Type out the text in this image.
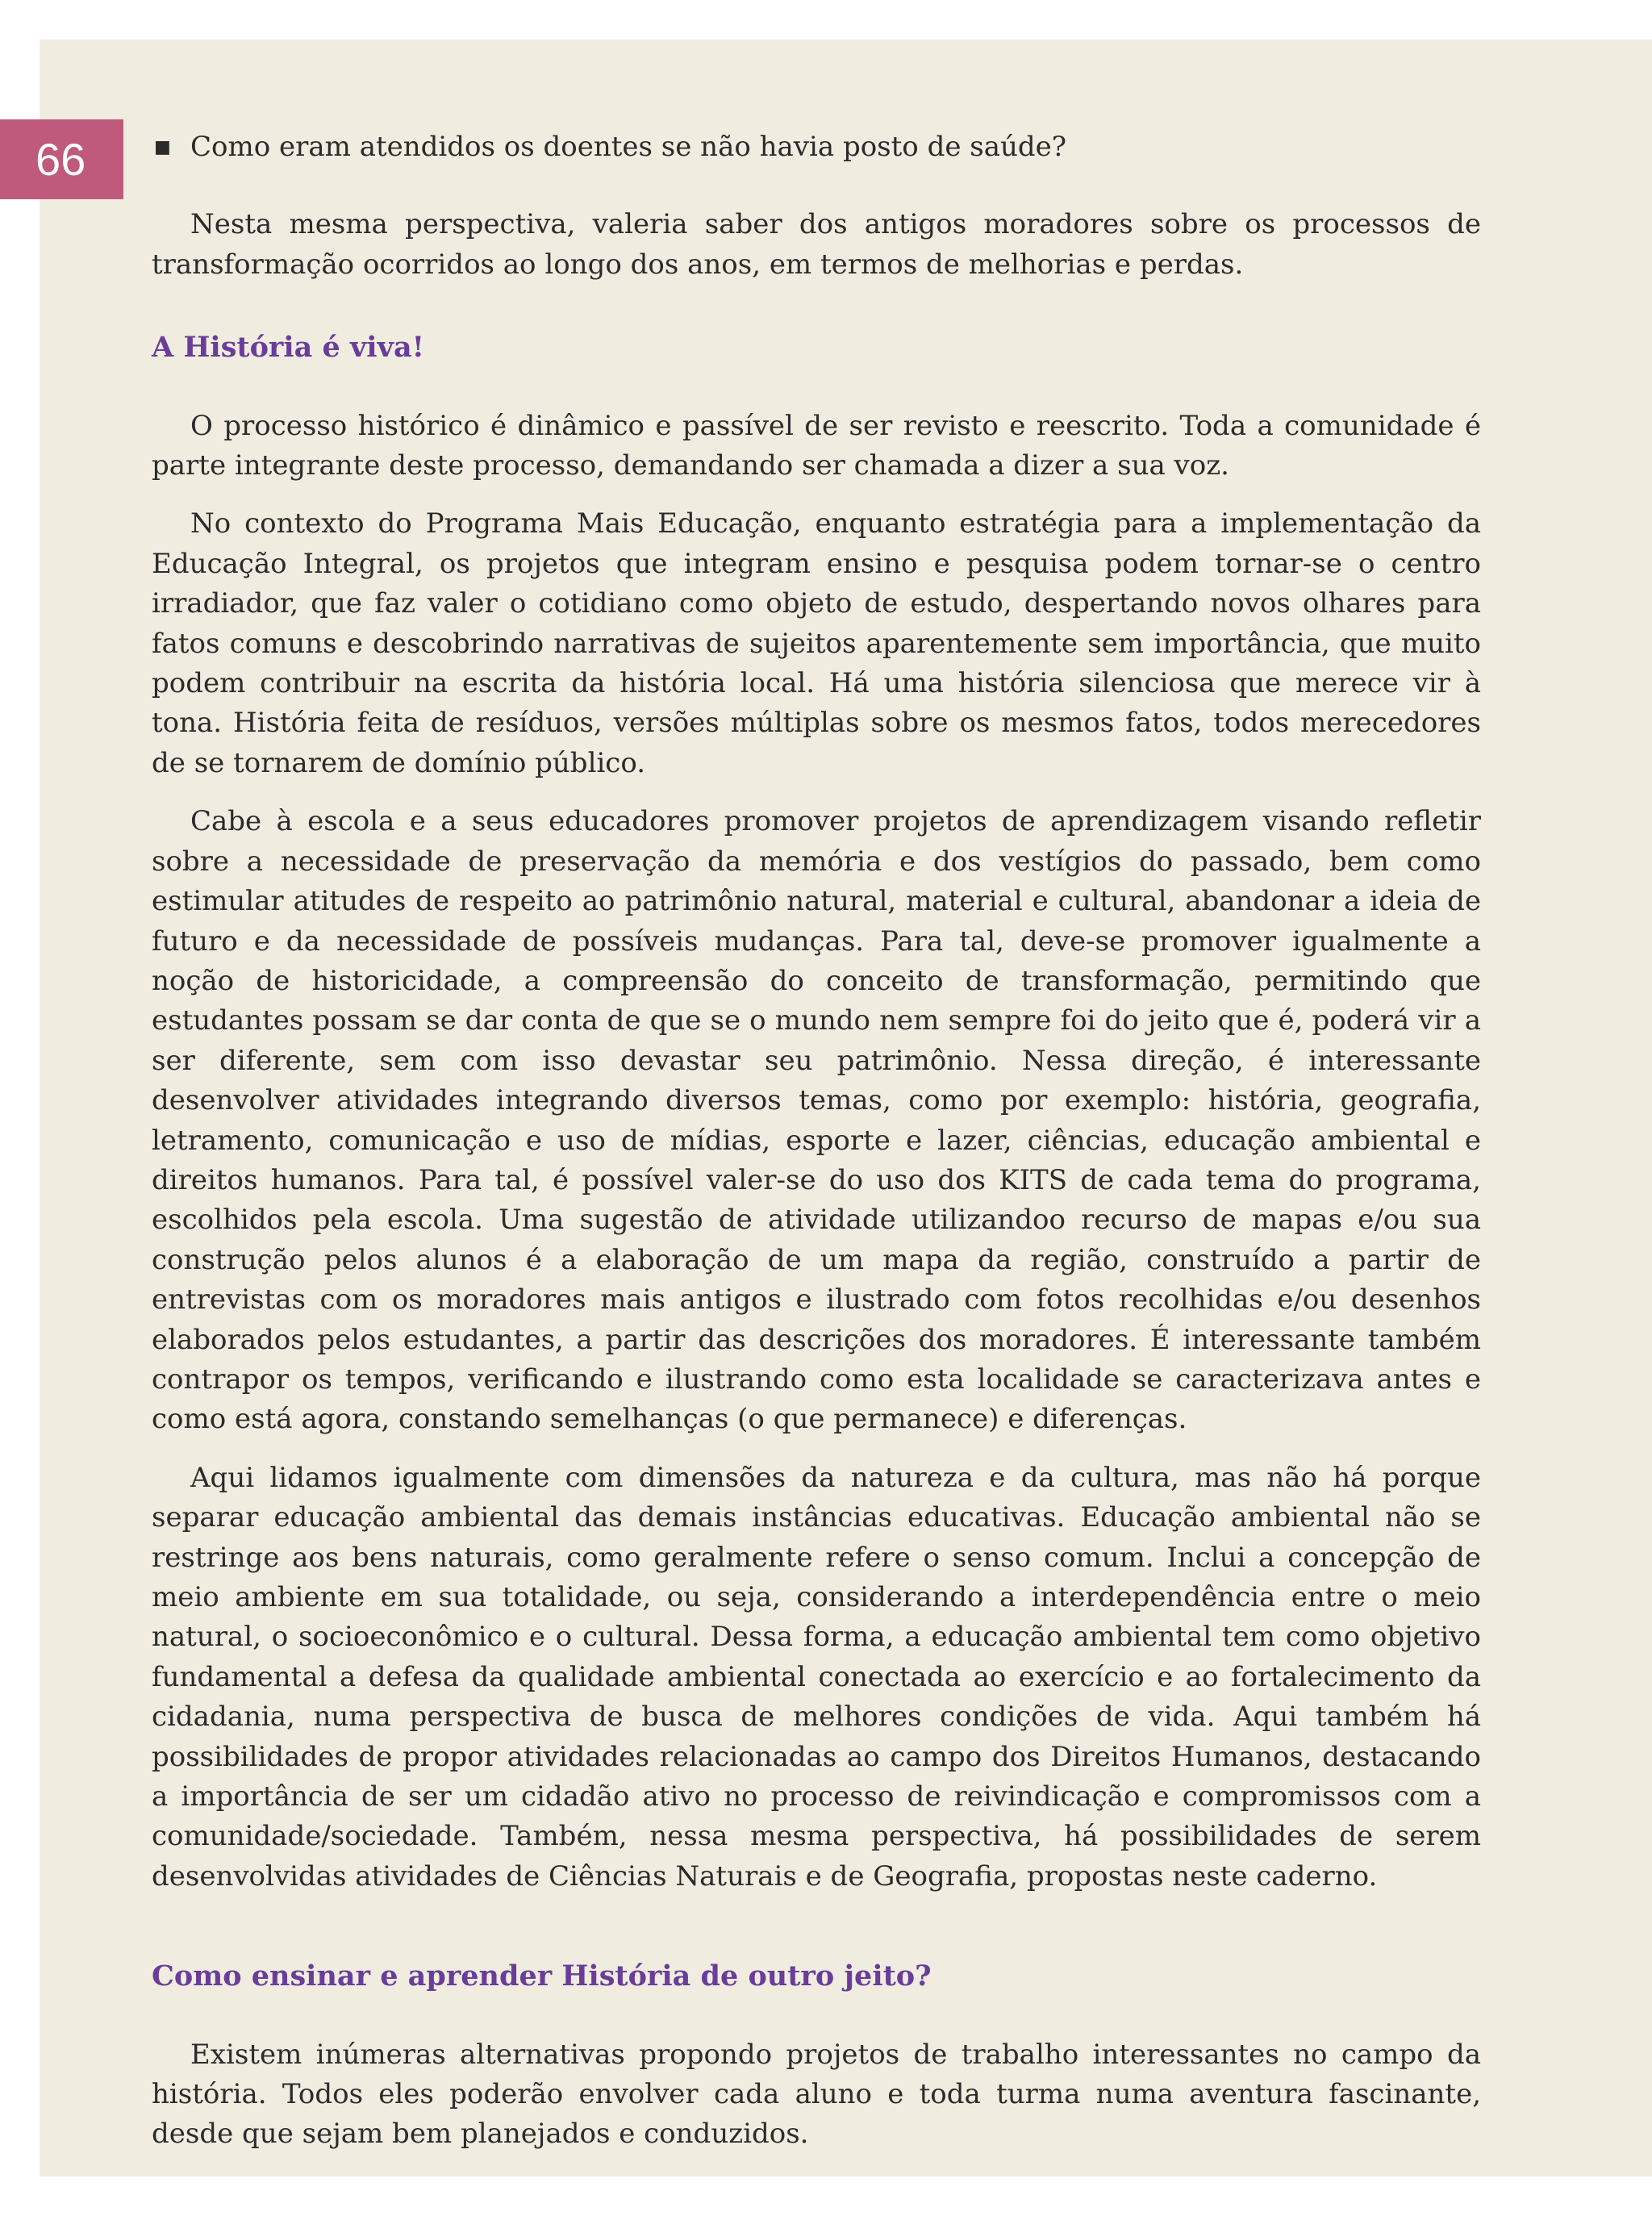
66	■ Como eram atendidos os doentes se não havia posto de saúde?

Nesta mesma perspectiva, valeria saber dos antigos moradores sobre os processos de transformação ocorridos ao longo dos anos, em termos de melhorias e perdas.

A História é viva!

O processo histórico é dinâmico e passível de ser revisto e reescrito. Toda a comunidade é parte integrante deste processo, demandando ser chamada a dizer a sua voz.

No contexto do Programa Mais Educação, enquanto estratégia para a implementação da Educação Integral, os projetos que integram ensino e pesquisa podem tornar-se o centro irradiador, que faz valer o cotidiano como objeto de estudo, despertando novos olhares para fatos comuns e descobrindo narrativas de sujeitos aparentemente sem importância, que muito podem contribuir na escrita da história local. Há uma história silenciosa que merece vir à tona. História feita de resíduos, versões múltiplas sobre os mesmos fatos, todos merecedores de se tornarem de domínio público.

Cabe à escola e a seus educadores promover projetos de aprendizagem visando refletir sobre a necessidade de preservação da memória e dos vestígios do passado, bem como estimular atitudes de respeito ao patrimônio natural, material e cultural, abandonar a ideia de futuro e da necessidade de possíveis mudanças. Para tal, deve-se promover igualmente a noção de historicidade, a compreensão do conceito de transformação, permitindo que estudantes possam se dar conta de que se o mundo nem sempre foi do jeito que é, poderá vir a ser diferente, sem com isso devastar seu patrimônio. Nessa direção, é interessante desenvolver atividades integrando diversos temas, como por exemplo: história, geografia, letramento, comunicação e uso de mídias, esporte e lazer, ciências, educação ambiental e direitos humanos. Para tal, é possível valer-se do uso dos KITS de cada tema do programa, escolhidos pela escola. Uma sugestão de atividade utilizandoo recurso de mapas e/ou sua construção pelos alunos é a elaboração de um mapa da região, construído a partir de entrevistas com os moradores mais antigos e ilustrado com fotos recolhidas e/ou desenhos elaborados pelos estudantes, a partir das descrições dos moradores. É interessante também contrapor os tempos, verificando e ilustrando como esta localidade se caracterizava antes e como está agora, constando semelhanças (o que permanece) e diferenças.

Aqui lidamos igualmente com dimensões da natureza e da cultura, mas não há porque separar educação ambiental das demais instâncias educativas. Educação ambiental não se restringe aos bens naturais, como geralmente refere o senso comum. Inclui a concepção de meio ambiente em sua totalidade, ou seja, considerando a interdependência entre o meio natural, o socioeconômico e o cultural. Dessa forma, a educação ambiental tem como objetivo fundamental a defesa da qualidade ambiental conectada ao exercício e ao fortalecimento da cidadania, numa perspectiva de busca de melhores condições de vida. Aqui também há possibilidades de propor atividades relacionadas ao campo dos Direitos Humanos, destacando a importância de ser um cidadão ativo no processo de reivindicação e compromissos com a comunidade/sociedade. Também, nessa mesma perspectiva, há possibilidades de serem desenvolvidas atividades de Ciências Naturais e de Geografia, propostas neste caderno.

Como ensinar e aprender História de outro jeito?

Existem inúmeras alternativas propondo projetos de trabalho interessantes no campo da história. Todos eles poderão envolver cada aluno e toda turma numa aventura fascinante, desde que sejam bem planejados e conduzidos.
